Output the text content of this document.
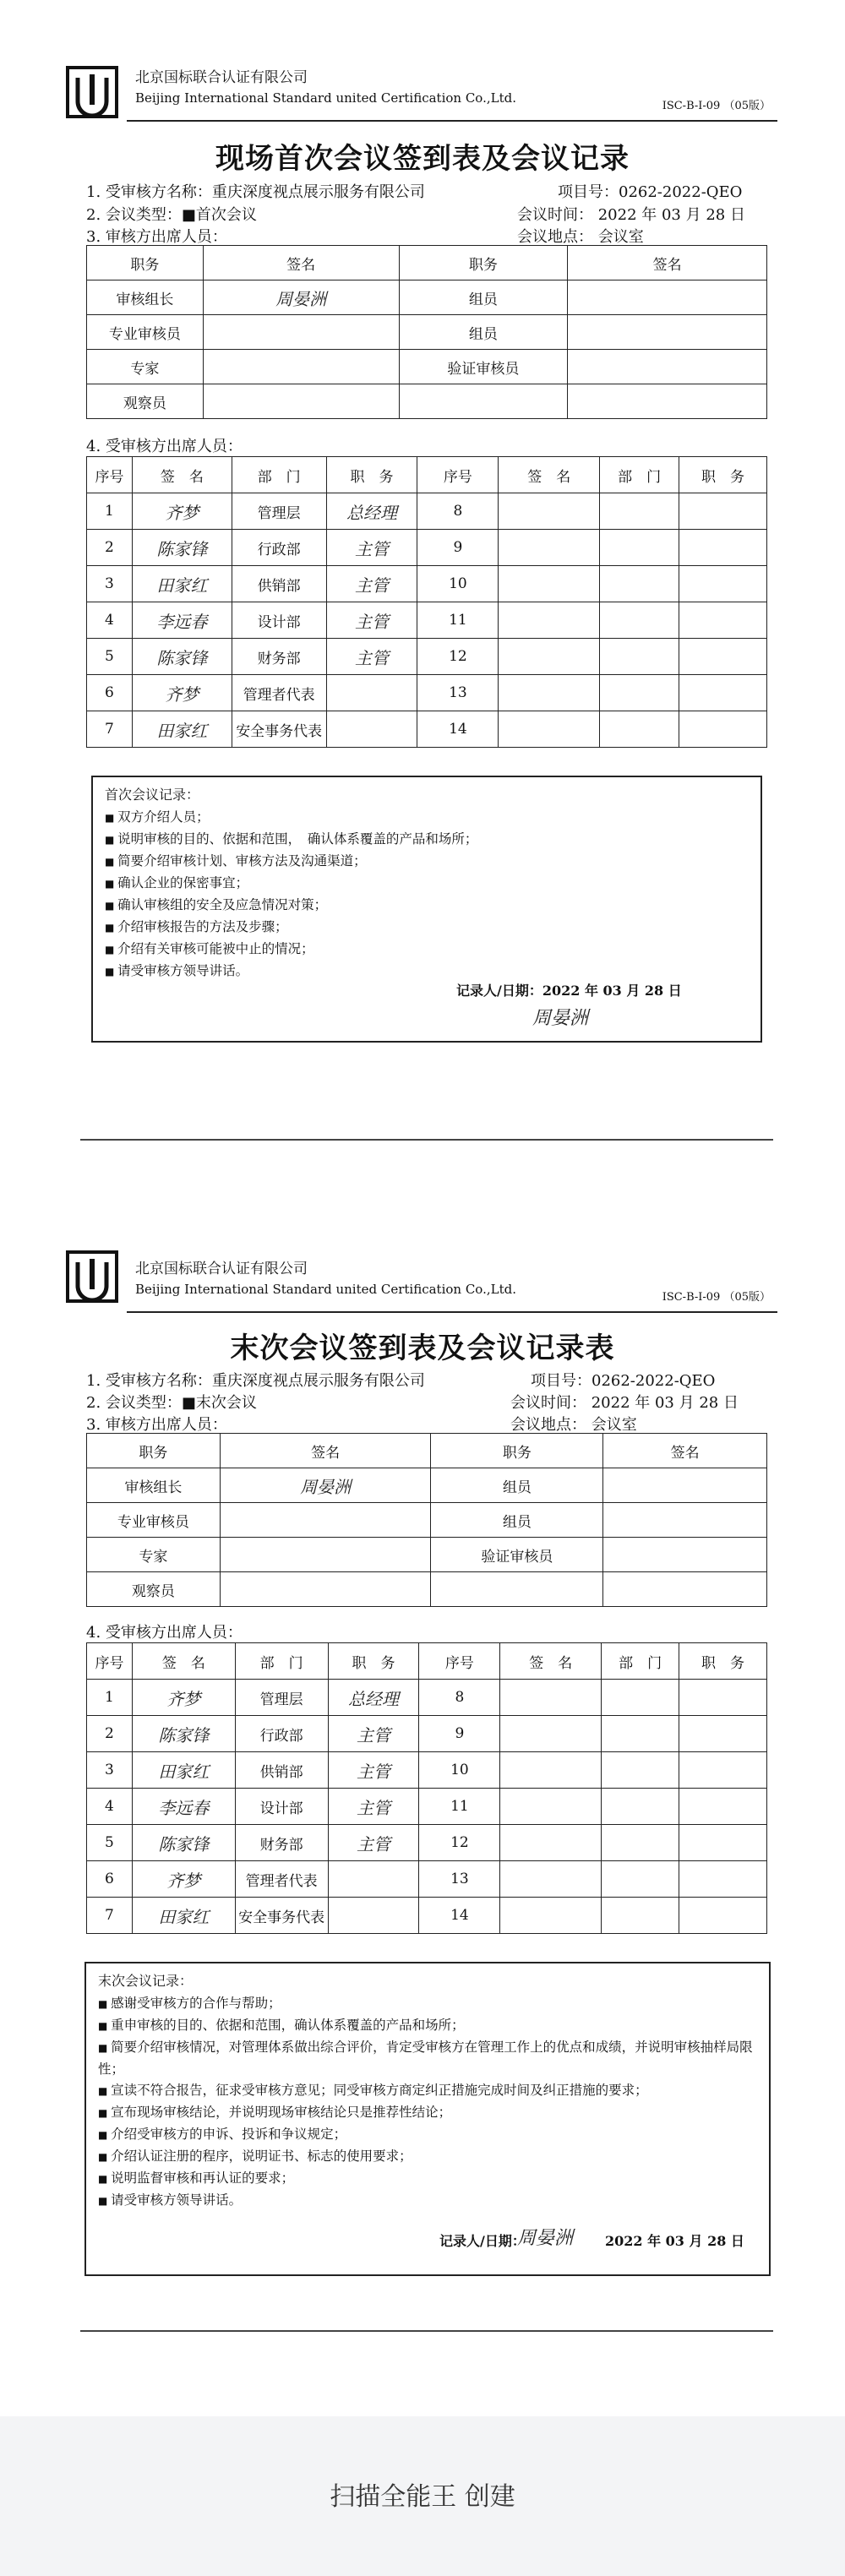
北京国标联合认证有限公司
Beijing International Standard united Certification Co.,Ltd.
ISC-B-I-09 （05版）
现场首次会议签到表及会议记录
1. 受审核方名称：重庆深度视点展示服务有限公司	项目号：0262-2022-QEO
2. 会议类型：■首次会议	会议时间： 2022 年 03 月 28 日
3. 审核方出席人员：	会议地点： 会议室
职务	签名	职务	签名
审核组长	周晏洲	组员	
专业审核员		组员	
专家		验证审核员	
观察员			
4. 受审核方出席人员：
序号	签　名	部　门	职　务	序号	签　名	部　门	职　务
1	齐梦	管理层	总经理	8			
2	陈家锋	行政部	主管	9			
3	田家红	供销部	主管	10			
4	李远春	设计部	主管	11			
5	陈家锋	财务部	主管	12			
6	齐梦	管理者代表		13			
7	田家红	安全事务代表		14			
首次会议记录：
■ 双方介绍人员；
■ 说明审核的目的、依据和范围，　确认体系覆盖的产品和场所；
■ 简要介绍审核计划、审核方法及沟通渠道；
■ 确认企业的保密事宜；
■ 确认审核组的安全及应急情况对策；
■ 介绍审核报告的方法及步骤；
■ 介绍有关审核可能被中止的情况；
■ 请受审核方领导讲话。
记录人/日期：2022 年 03 月 28 日
周晏洲
北京国标联合认证有限公司
Beijing International Standard united Certification Co.,Ltd.
ISC-B-I-09 （05版）
末次会议签到表及会议记录表
1. 受审核方名称：重庆深度视点展示服务有限公司	项目号：0262-2022-QEO
2. 会议类型：■末次会议	会议时间： 2022 年 03 月 28 日
3. 审核方出席人员：	会议地点： 会议室
职务	签名	职务	签名
审核组长	周晏洲	组员	
专业审核员		组员	
专家		验证审核员	
观察员			
4. 受审核方出席人员：
序号	签　名	部　门	职　务	序号	签　名	部　门	职　务
1	齐梦	管理层	总经理	8			
2	陈家锋	行政部	主管	9			
3	田家红	供销部	主管	10			
4	李远春	设计部	主管	11			
5	陈家锋	财务部	主管	12			
6	齐梦	管理者代表		13			
7	田家红	安全事务代表		14			
末次会议记录：
■ 感谢受审核方的合作与帮助；
■ 重申审核的目的、依据和范围，确认体系覆盖的产品和场所；
■ 简要介绍审核情况，对管理体系做出综合评价，肯定受审核方在管理工作上的优点和成绩，并说明审核抽样局限性；
■ 宣读不符合报告，征求受审核方意见；同受审核方商定纠正措施完成时间及纠正措施的要求；
■ 宣布现场审核结论，并说明现场审核结论只是推荐性结论；
■ 介绍受审核方的申诉、投诉和争议规定；
■ 介绍认证注册的程序，说明证书、标志的使用要求；
■ 说明监督审核和再认证的要求；
■ 请受审核方领导讲话。
记录人/日期：
周晏洲 2022 年 03 月 28 日
扫描全能王 创建
